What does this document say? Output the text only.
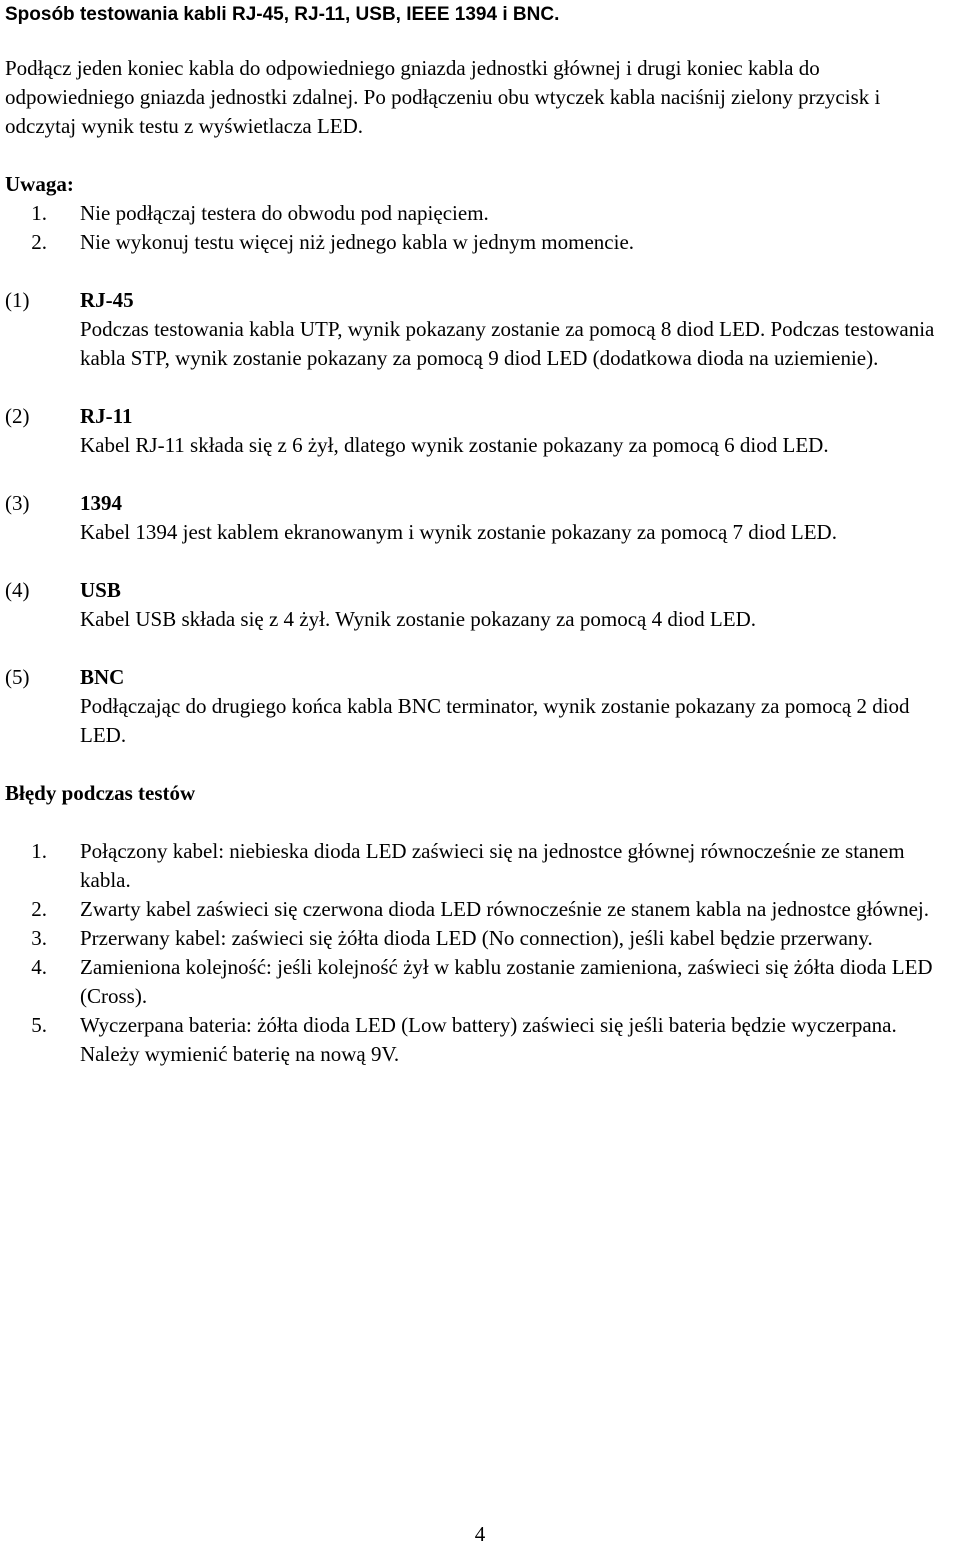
Sposób testowania kabli RJ-45, RJ-11, USB, IEEE 1394 i BNC.

Podłącz jeden koniec kabla do odpowiedniego gniazda jednostki głównej i drugi koniec kabla do odpowiedniego gniazda jednostki zdalnej. Po podłączeniu obu wtyczek kabla naciśnij zielony przycisk i odczytaj wynik testu z wyświetlacza LED.

Uwaga:

1. Nie podłączaj testera do obwodu pod napięciem.
2. Nie wykonuj testu więcej niż jednego kabla w jednym momencie.
(1) RJ-45
Podczas testowania kabla UTP, wynik pokazany zostanie za pomocą 8 diod LED. Podczas testowania kabla STP, wynik zostanie pokazany za pomocą 9 diod LED (dodatkowa dioda na uziemienie).
(2) RJ-11
Kabel RJ-11 składa się z 6 żył, dlatego wynik zostanie pokazany za pomocą 6 diod LED.
(3) 1394
Kabel 1394 jest kablem ekranowanym i wynik zostanie pokazany za pomocą 7 diod LED.
(4) USB
Kabel USB składa się z 4 żył. Wynik zostanie pokazany za pomocą 4 diod LED.
(5) BNC
Podłączając do drugiego końca kabla BNC terminator, wynik zostanie pokazany za pomocą 2 diod LED.

Błędy podczas testów

1. Połączony kabel: niebieska dioda LED zaświeci się na jednostce głównej równocześnie ze stanem kabla.
2. Zwarty kabel zaświeci się czerwona dioda LED równocześnie ze stanem kabla na jednostce głównej.
3. Przerwany kabel: zaświeci się żółta dioda LED (No connection), jeśli kabel będzie przerwany.
4. Zamieniona kolejność: jeśli kolejność żył w kablu zostanie zamieniona, zaświeci się żółta dioda LED (Cross).
5. Wyczerpana bateria: żółta dioda LED (Low battery) zaświeci się jeśli bateria będzie wyczerpana. Należy wymienić baterię na nową 9V.
4
